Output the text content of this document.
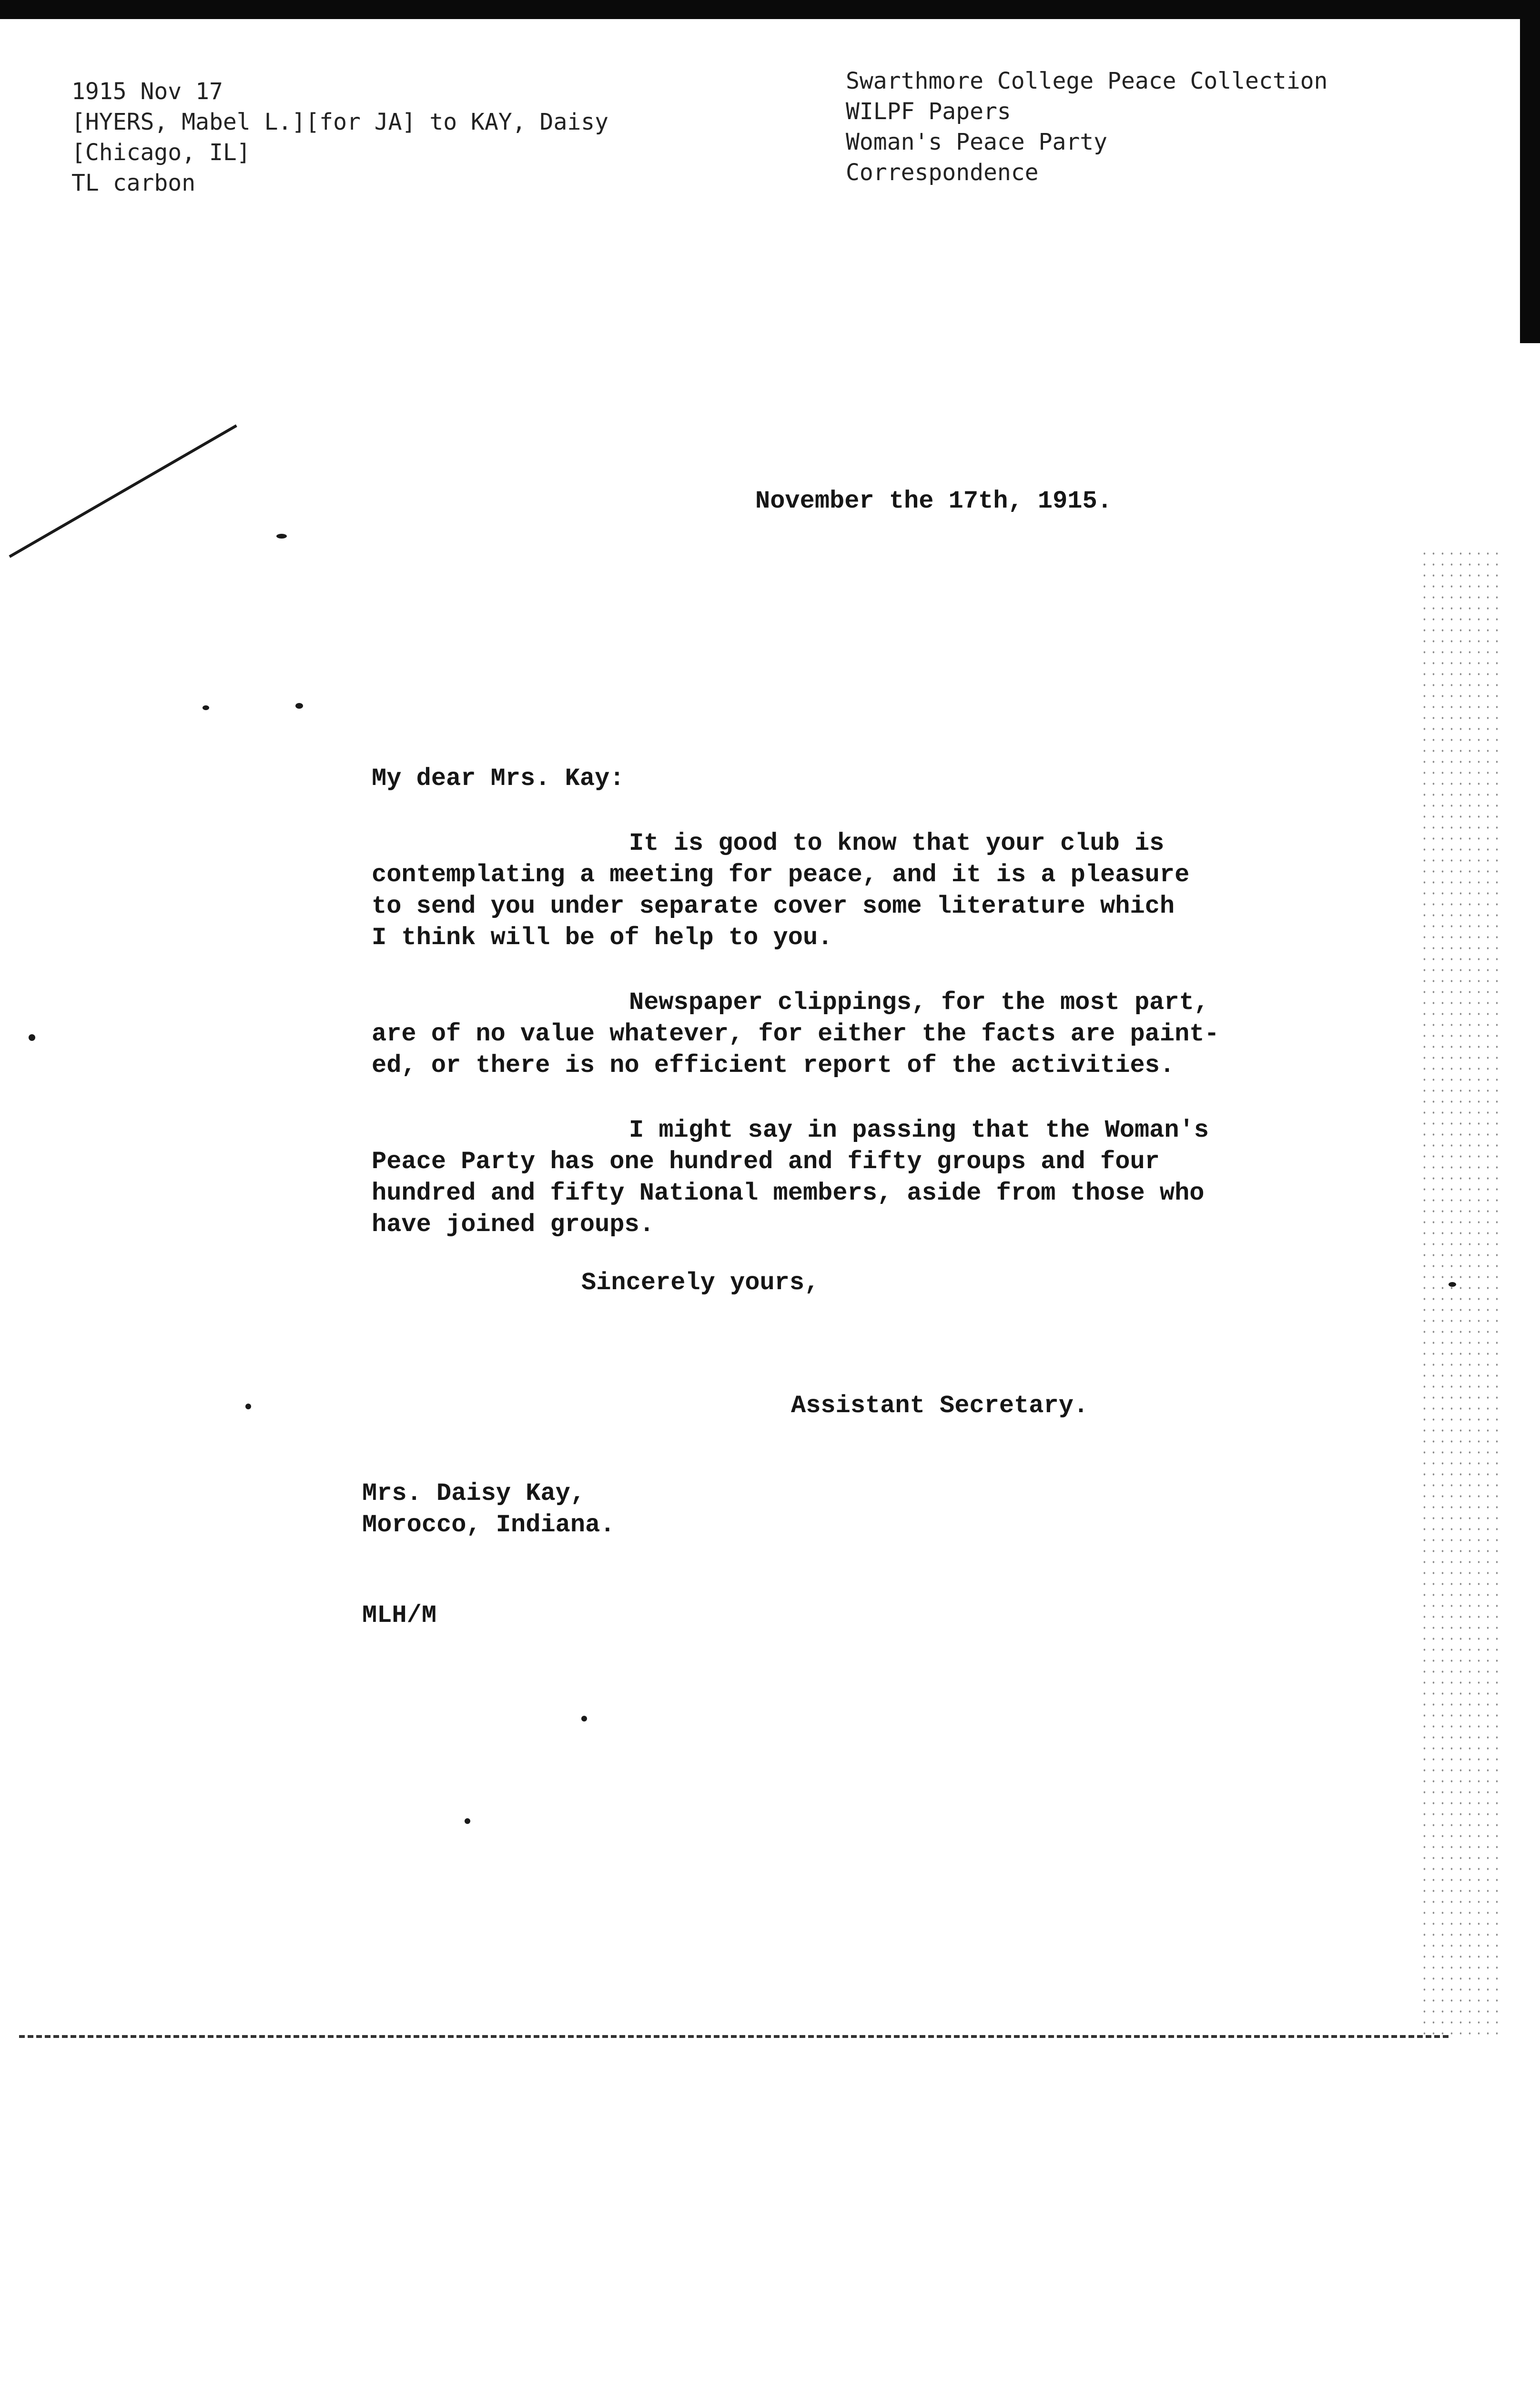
1915 Nov 17
[HYERS, Mabel L.][for JA] to KAY, Daisy
[Chicago, IL]
TL carbon
Swarthmore College Peace Collection
WILPF Papers
Woman's Peace Party
Correspondence
November the 17th, 1915.
My dear Mrs. Kay:
It is good to know that your club is
contemplating a meeting for peace, and it is a pleasure
to send you under separate cover some literature which
I think will be of help to you.
Newspaper clippings, for the most part,
are of no value whatever, for either the facts are paint-
ed, or there is no efficient report of the activities.
I might say in passing that the Woman's
Peace Party has one hundred and fifty groups and four
hundred and fifty National members, aside from those who
have joined groups.
Sincerely yours,
Assistant Secretary.
Mrs. Daisy Kay,
Morocco, Indiana.
MLH/M
